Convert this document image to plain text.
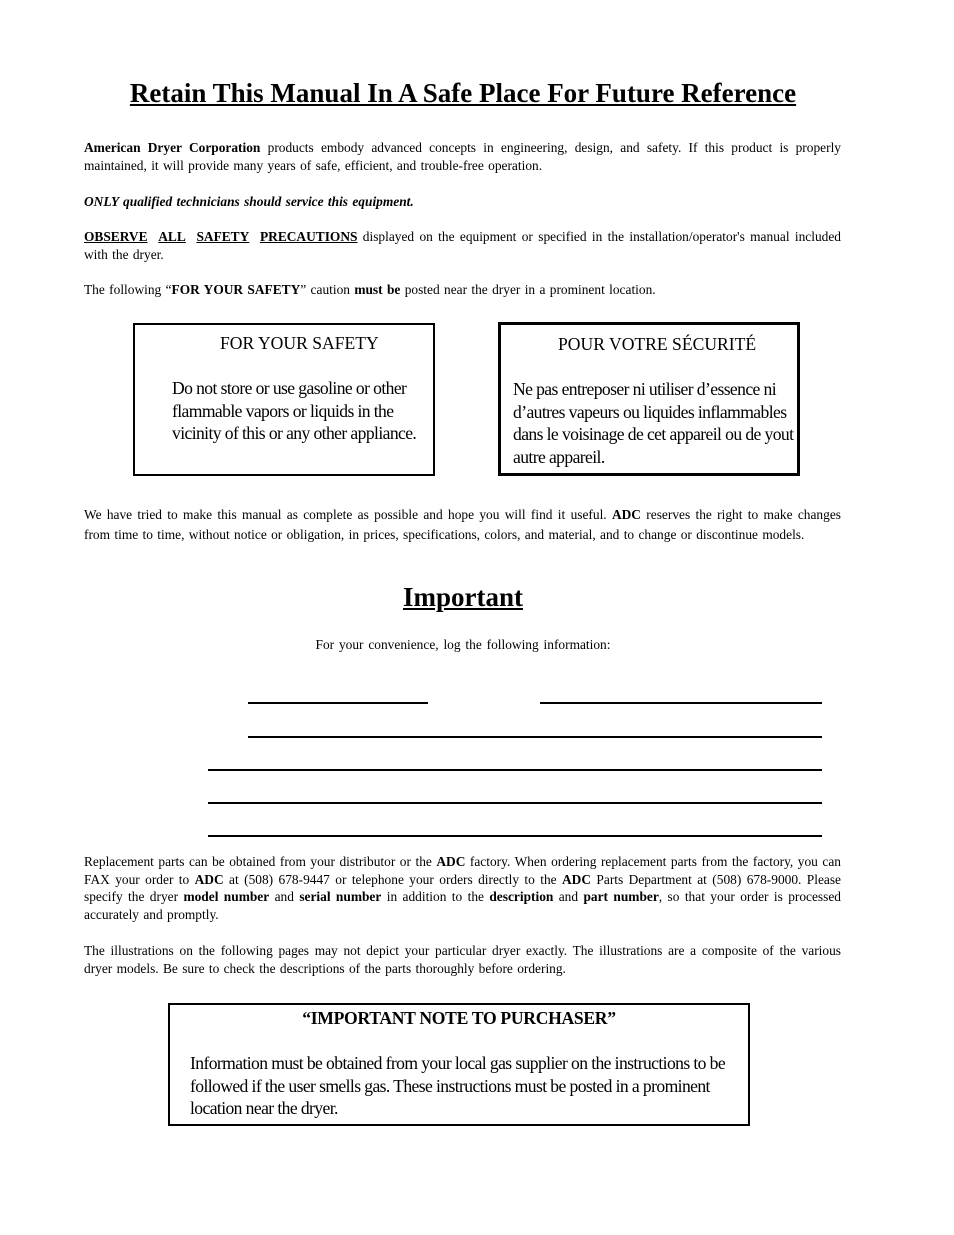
Retain This Manual In A Safe Place For Future Reference
American Dryer Corporation products embody advanced concepts in engineering, design, and safety. If this product is properly maintained, it will provide many years of safe, efficient, and trouble-free operation.
ONLY qualified technicians should service this equipment.
OBSERVE ALL SAFETY PRECAUTIONS displayed on the equipment or specified in the installation/operator's manual included with the dryer.
The following “FOR YOUR SAFETY” caution must be posted near the dryer in a prominent location.
FOR YOUR SAFETY
Do not store or use gasoline or other flammable vapors or liquids in the vicinity of this or any other appliance.
POUR VOTRE SÉCURITÉ
Ne pas entreposer ni utiliser d’essence ni d’autres vapeurs ou liquides inflammables dans le voisinage de cet appareil ou de yout autre appareil.
We have tried to make this manual as complete as possible and hope you will find it useful. ADC reserves the right to make changes from time to time, without notice or obligation, in prices, specifications, colors, and material, and to change or discontinue models.
Important
For your convenience, log the following information:
Replacement parts can be obtained from your distributor or the ADC factory. When ordering replacement parts from the factory, you can FAX your order to ADC at (508) 678-9447 or telephone your orders directly to the ADC Parts Department at (508) 678-9000. Please specify the dryer model number and serial number in addition to the description and part number, so that your order is processed accurately and promptly.
The illustrations on the following pages may not depict your particular dryer exactly. The illustrations are a composite of the various dryer models. Be sure to check the descriptions of the parts thoroughly before ordering.
“IMPORTANT NOTE TO PURCHASER”
Information must be obtained from your local gas supplier on the instructions to be followed if the user smells gas. These instructions must be posted in a prominent location near the dryer.
